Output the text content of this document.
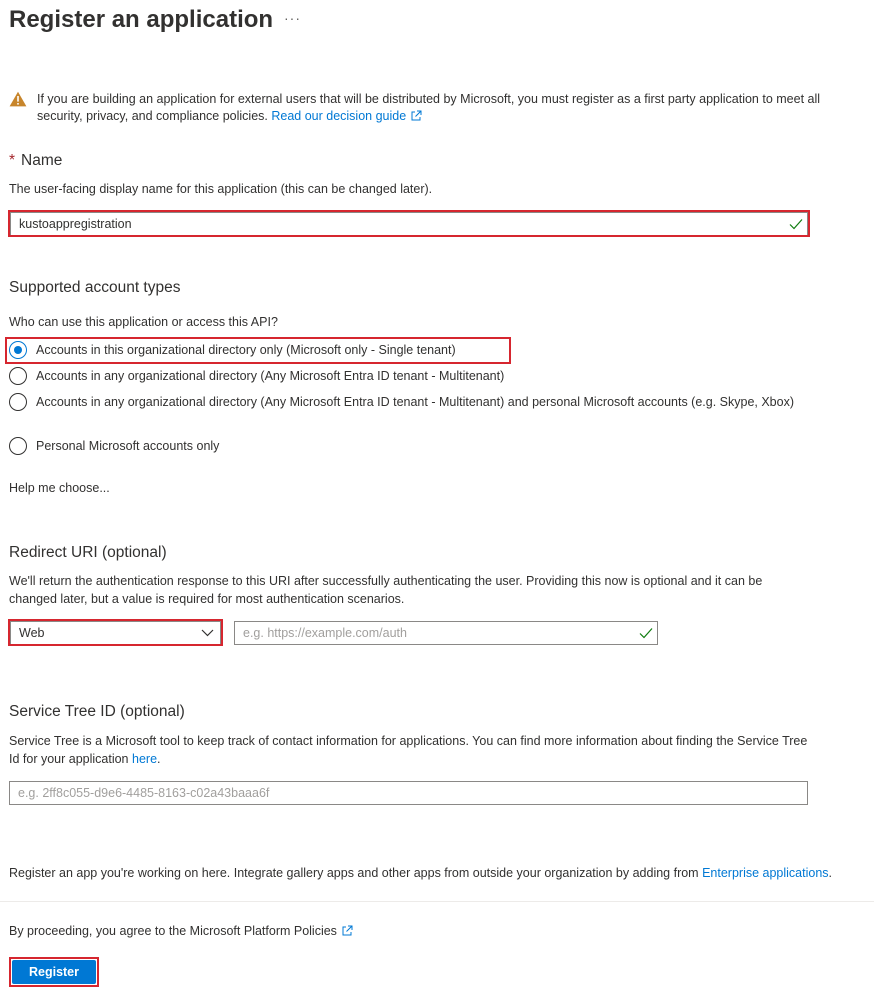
Register an application ···
If you are building an application for external users that will be distributed by Microsoft, you must register as a first party application to meet all security, privacy, and compliance policies. Read our decision guide
* Name
The user-facing display name for this application (this can be changed later).
kustoappregistration
Supported account types
Who can use this application or access this API?
Accounts in this organizational directory only (Microsoft only - Single tenant)
Accounts in any organizational directory (Any Microsoft Entra ID tenant - Multitenant)
Accounts in any organizational directory (Any Microsoft Entra ID tenant - Multitenant) and personal Microsoft accounts (e.g. Skype, Xbox)
Personal Microsoft accounts only
Help me choose...
Redirect URI (optional)
We'll return the authentication response to this URI after successfully authenticating the user. Providing this now is optional and it can be changed later, but a value is required for most authentication scenarios.
Web
e.g. https://example.com/auth
Service Tree ID (optional)
Service Tree is a Microsoft tool to keep track of contact information for applications. You can find more information about finding the Service Tree Id for your application here.
e.g. 2ff8c055-d9e6-4485-8163-c02a43baaa6f
Register an app you're working on here. Integrate gallery apps and other apps from outside your organization by adding from Enterprise applications.
By proceeding, you agree to the Microsoft Platform Policies
Register
